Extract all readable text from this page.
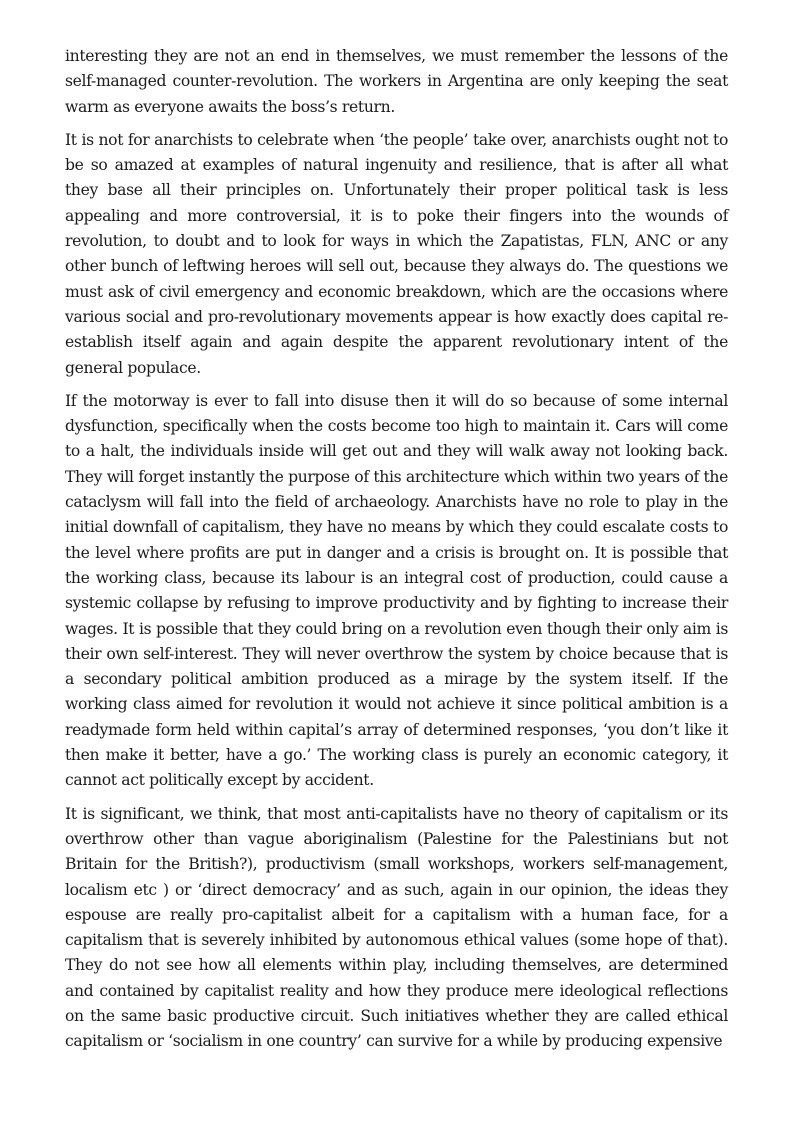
interesting they are not an end in themselves, we must remember the lessons of the self-managed counter-revolution. The workers in Argentina are only keeping the seat warm as everyone awaits the boss’s return.

It is not for anarchists to celebrate when ‘the people’ take over, anarchists ought not to be so amazed at examples of natural ingenuity and resilience, that is after all what they base all their principles on. Unfortunately their proper political task is less appealing and more controversial, it is to poke their fingers into the wounds of revolution, to doubt and to look for ways in which the Zapatistas, FLN, ANC or any other bunch of leftwing heroes will sell out, because they always do. The questions we must ask of civil emergency and economic breakdown, which are the occasions where various social and pro-revolutionary movements appear is how exactly does capital re-establish itself again and again despite the apparent revolutionary intent of the general populace.

If the motorway is ever to fall into disuse then it will do so because of some internal dysfunction, specifically when the costs become too high to maintain it. Cars will come to a halt, the individuals inside will get out and they will walk away not looking back. They will forget instantly the purpose of this architecture which within two years of the cataclysm will fall into the field of archaeology. Anarchists have no role to play in the initial downfall of capitalism, they have no means by which they could escalate costs to the level where profits are put in danger and a crisis is brought on. It is possible that the working class, because its labour is an integral cost of production, could cause a systemic collapse by refusing to improve productivity and by fighting to increase their wages. It is possible that they could bring on a revolution even though their only aim is their own self-interest. They will never overthrow the system by choice because that is a secondary political ambition produced as a mirage by the system itself. If the working class aimed for revolution it would not achieve it since political ambition is a readymade form held within capital’s array of determined responses, ‘you don’t like it then make it better, have a go.’ The working class is purely an economic category, it cannot act politically except by accident.

It is significant, we think, that most anti-capitalists have no theory of capitalism or its overthrow other than vague aboriginalism (Palestine for the Palestinians but not Britain for the British?), productivism (small workshops, workers self-management, localism etc ) or ‘direct democracy’ and as such, again in our opinion, the ideas they espouse are really pro-capitalist albeit for a capitalism with a human face, for a capitalism that is severely inhibited by autonomous ethical values (some hope of that). They do not see how all elements within play, including themselves, are determined and contained by capitalist reality and how they produce mere ideological reflections on the same basic productive circuit. Such initiatives whether they are called ethical capitalism or ‘socialism in one country’ can survive for a while by producing expensive
